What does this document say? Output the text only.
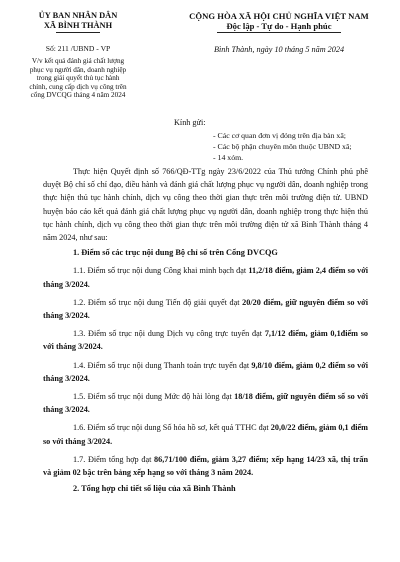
ỦY BAN NHÂN DÂN
XÃ BÌNH THÀNH
CỘNG HÒA XÃ HỘI CHỦ NGHĨA VIỆT NAM
Độc lập - Tự do - Hạnh phúc
Số: 211 /UBND - VP
V/v kết quả đánh giá chất lượng
phục vụ người dân, doanh nghiệp
trong giải quyết thủ tục hành
chính, cung cấp dịch vụ công trên
cổng DVCQG tháng 4 năm 2024
Bình Thành, ngày 10 tháng 5 năm 2024
Kính gửi:
- Các cơ quan đơn vị đóng trên địa bàn xã;
- Các bộ phận chuyên môn thuộc UBND xã;
- 14 xóm.

Thực hiện Quyết định số 766/QĐ-TTg ngày 23/6/2022 của Thủ tướng Chính phủ phê duyệt Bộ chỉ số chỉ đạo, điều hành và đánh giá chất lượng phục vụ người dân, doanh nghiệp trong thực hiện thủ tục hành chính, dịch vụ công theo thời gian thực trên môi trường điện tử. UBND huyện báo cáo kết quả đánh giá chất lượng phục vụ người dân, doanh nghiệp trong thực hiện thủ tục hành chính, dịch vụ công theo thời gian thực trên môi trường điện tử xã Bình Thành tháng 4 năm 2024, như sau:

1. Điểm số các trục nội dung Bộ chỉ số trên Cổng DVCQG

1.1. Điểm số trục nội dung Công khai minh bạch đạt 11,2/18 điểm, giảm 2,4 điểm so với tháng 3/2024.

1.2. Điểm số trục nội dung Tiến độ giải quyết đạt 20/20 điểm, giữ nguyên điểm so với tháng 3/2024.

1.3. Điểm số trục nội dung Dịch vụ công trực tuyến đạt 7,1/12 điểm, giảm 0,1điểm so với tháng 3/2024.

1.4. Điểm số trục nội dung Thanh toán trực tuyến đạt 9,8/10 điểm, giảm 0,2 điểm so với tháng 3/2024.

1.5. Điểm số trục nội dung Mức độ hài lòng đạt 18/18 điểm, giữ nguyên điểm số so với tháng 3/2024.

1.6. Điểm số trục nội dung Số hóa hồ sơ, kết quả TTHC đạt 20,0/22 điểm, giảm 0,1 điểm so với tháng 3/2024.

1.7. Điểm tổng hợp đạt 86,71/100 điểm, giảm 3,27 điểm; xếp hạng 14/23 xã, thị trấn và giảm 02 bậc trên bảng xếp hạng so với tháng 3 năm 2024.

2. Tổng hợp chi tiết số liệu của xã Bình Thành
